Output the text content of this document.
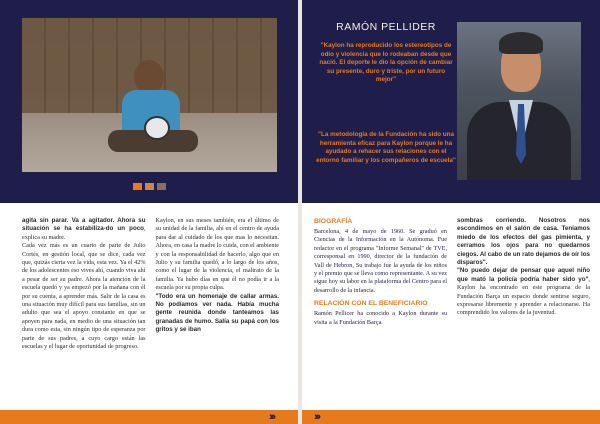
agita sin parar. Va a agitador. Ahora su situación se ha estabiliza-do un poco, explica su madre.

Cada vez más es un cuarto de parte de Julio Cortés, en gestión local, que se dice, cada vez que, quizás cierta vez la vida, esta vez. Ya el 42% de los adolescentes eso vives ahí, cuando viva ahí a pesar de ser su padre. Ahora la atención de la escuela quedó y ya empezó por la mañana con él por su cuenta, a aprender más. Salir de la casa es una situación muy difícil para sus familias, sin un adulto que sea el apoyo constante en que se apoyen para nada, en medio de una situación tan dura como esta, sin ningún tipo de esperanza por parte de sus padres, a cuyo cargo están las escuelas y el lugar de oportunidad de progreso.

Kaylon, en sus meses también, era el último de su unidad de la familia, ahí en el centro de ayuda para dar al cuidado de los que mas lo necesitan. Ahora, en casa la madre lo cuida, con el ambiente y con la responsabilidad de hacerlo, algo que en Julio y su familia quedó, a lo largo de los años, como el lugar de la violencia, el maltrato de la familia. Ya hubo días en que él no podía ir a la escuela por su propia culpa.

"Todo era un homenaje de callar armas. No podíamos ver nada. Había mucha gente reunida donde tanteamos las granadas de humo. Salía su papá con los gritos y se iban

›››
RAMÓN PELLIDER
"Kaylon ha reproducido los estereotipos de odio y violencia que lo rodeaban desde que nació. El deporte le dio la opción de cambiar su presente, duro y triste, por un futuro mejor"
"La metodología de la Fundación ha sido una herramienta eficaz para Kaylon porque le ha ayudado a rehacer sus relaciones con el entorno familiar y los compañeros de escuela"
BIOGRAFÍA

Barcelona, 4 de mayo de 1960. Se graduó en Ciencias de la Información en la Autónoma. Fue redactor en el programa "Informe Semanal" de TVE, corresponsal en 1990, director de la fundación de Vall de Hebron, Su trabajo fue la ayuda de los niños y el premio que se lleva como representante. A su vez sigue hoy su labor en la plataforma del Centro para el desarrollo de la infancia.

RELACIÓN CON EL BENEFICIARIO

Ramón Pellicer ha conocido a Kaylon durante su visita a la Fundación Barça.

sombras corriendo. Nosotros nos escondimos en el salón de casa. Teníamos miedo de los efectos del gas pimienta, y cerramos los ojos para no quedarnos ciegos. Al cabo de un rato dejamos de oír los disparos".

"No puedo dejar de pensar que aquel niño que mató la policía podría haber sido yo", Kaylon ha encontrado en este programa de la Fundación Barça un espacio donde sentirse seguro, expresarse libremente y aprender a relacionarse. Ha comprendido los valores de la juventud.

›››
